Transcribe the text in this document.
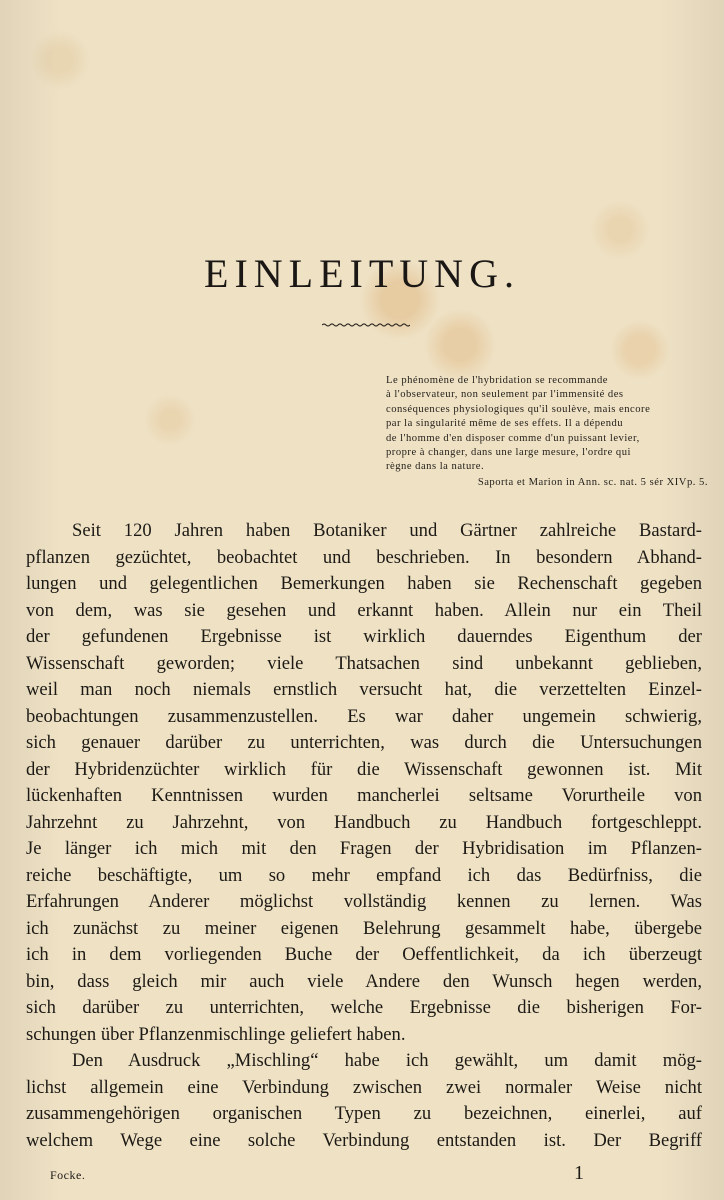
EINLEITUNG.
Le phénomène de l'hybridation se recommande
à l'observateur, non seulement par l'immensité des
conséquences physiologiques qu'il soulève, mais encore
par la singularité même de ses effets. Il a dépendu
de l'homme d'en disposer comme d'un puissant levier,
propre à changer, dans une large mesure, l'ordre qui
règne dans la nature.
Saporta et Marion in Ann. sc. nat. 5 sér XIVp. 5.
Seit 120 Jahren haben Botaniker und Gärtner zahlreiche Bastard-
pflanzen gezüchtet, beobachtet und beschrieben. In besondern Abhand-
lungen und gelegentlichen Bemerkungen haben sie Rechenschaft gegeben
von dem, was sie gesehen und erkannt haben. Allein nur ein Theil
der gefundenen Ergebnisse ist wirklich dauerndes Eigenthum der
Wissenschaft geworden; viele Thatsachen sind unbekannt geblieben,
weil man noch niemals ernstlich versucht hat, die verzettelten Einzel-
beobachtungen zusammenzustellen. Es war daher ungemein schwierig,
sich genauer darüber zu unterrichten, was durch die Untersuchungen
der Hybridenzüchter wirklich für die Wissenschaft gewonnen ist. Mit
lückenhaften Kenntnissen wurden mancherlei seltsame Vorurtheile von
Jahrzehnt zu Jahrzehnt, von Handbuch zu Handbuch fortgeschleppt.
Je länger ich mich mit den Fragen der Hybridisation im Pflanzen-
reiche beschäftigte, um so mehr empfand ich das Bedürfniss, die
Erfahrungen Anderer möglichst vollständig kennen zu lernen. Was
ich zunächst zu meiner eigenen Belehrung gesammelt habe, übergebe
ich in dem vorliegenden Buche der Oeffentlichkeit, da ich überzeugt
bin, dass gleich mir auch viele Andere den Wunsch hegen werden,
sich darüber zu unterrichten, welche Ergebnisse die bisherigen For-
schungen über Pflanzenmischlinge geliefert haben.
Den Ausdruck „Mischling“ habe ich gewählt, um damit mög-
lichst allgemein eine Verbindung zwischen zwei normaler Weise nicht
zusammengehörigen organischen Typen zu bezeichnen, einerlei, auf
welchem Wege eine solche Verbindung entstanden ist. Der Begriff
Focke.	1
